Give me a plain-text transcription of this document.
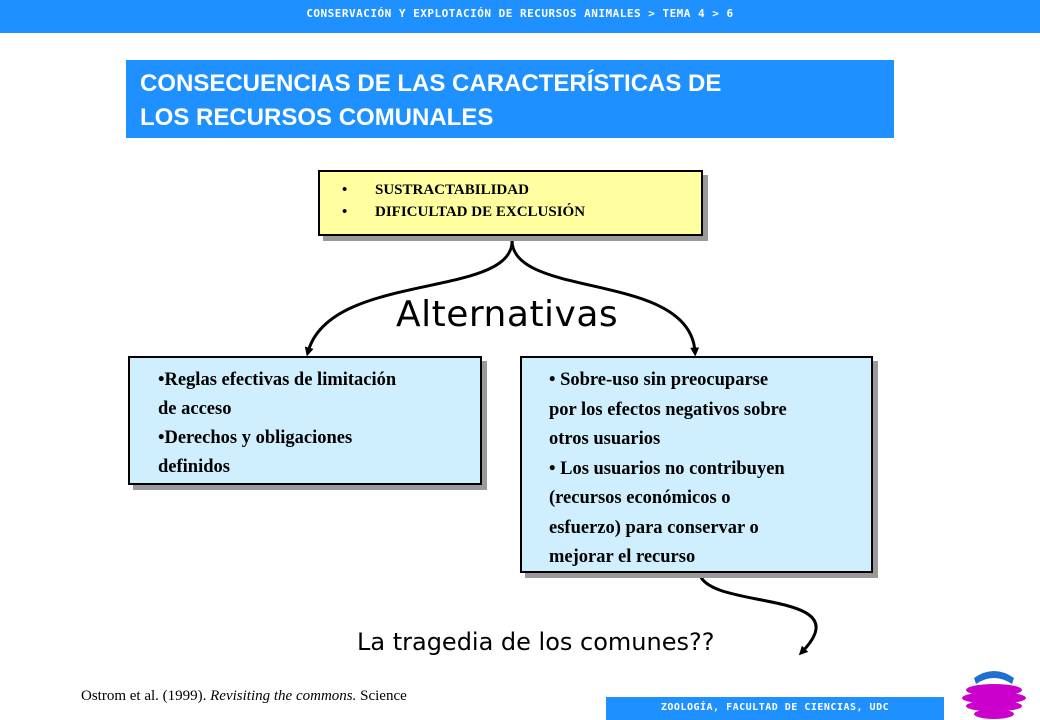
CONSERVACIÓN Y EXPLOTACIÓN DE RECURSOS ANIMALES > TEMA 4 > 6
CONSECUENCIAS DE LAS CARACTERÍSTICAS DE
LOS RECURSOS COMUNALES
• SUSTRACTABILIDAD
• DIFICULTAD DE EXCLUSIÓN
Alternativas
•Reglas efectivas de limitación
de acceso
•Derechos y obligaciones
definidos
• Sobre-uso sin preocuparse
por los efectos negativos sobre
otros usuarios
• Los usuarios no contribuyen
(recursos económicos o
esfuerzo) para conservar o
mejorar el recurso
La tragedia de los comunes??
Ostrom et al. (1999). Revisiting the commons. Science
ZOOLOGÍA, FACULTAD DE CIENCIAS, UDC
